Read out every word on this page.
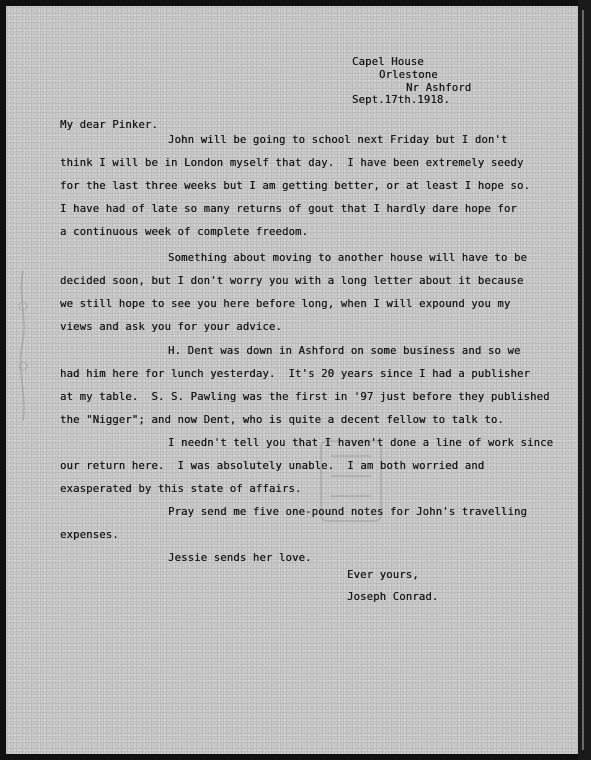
Capel House
Orlestone
Nr Ashford
Sept.17th.1918.
My dear Pinker.
John will be going to school next Friday but I don't
think I will be in London myself that day.  I have been extremely seedy
for the last three weeks but I am getting better, or at least I hope so.
I have had of late so many returns of gout that I hardly dare hope for
a continuous week of complete freedom.
Something about moving to another house will have to be
decided soon, but I don't worry you with a long letter about it because
we still hope to see you here before long, when I will expound you my
views and ask you for your advice.
H. Dent was down in Ashford on some business and so we
had him here for lunch yesterday.  It's 20 years since I had a publisher
at my table.  S. S. Pawling was the first in '97 just before they published
the "Nigger"; and now Dent, who is quite a decent fellow to talk to.
I needn't tell you that I haven't done a line of work since
our return here.  I was absolutely unable.  I am both worried and
exasperated by this state of affairs.
Pray send me five one-pound notes for John's travelling
expenses.
Jessie sends her love.
Ever yours,
Joseph Conrad.
